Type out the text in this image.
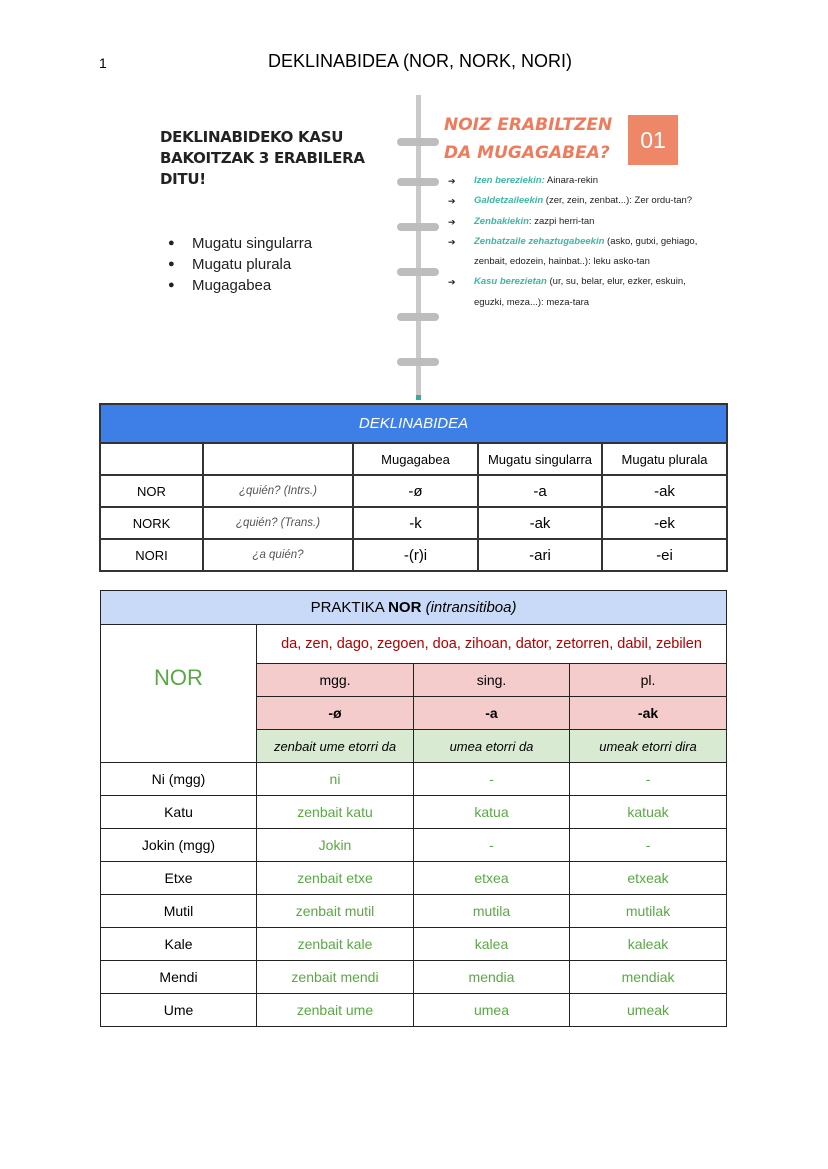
1	DEKLINABIDEA (NOR, NORK, NORI)
DEKLINABIDEKO KASU BAKOITZAK 3 ERABILERA DITU!
● Mugatu singularra
● Mugatu plurala
● Mugagabea
NOIZ ERABILTZEN DA MUGAGABEA?	01
➔ Izen bereziekin: Ainara-rekin
➔ Galdetzaileekin (zer, zein, zenbat...): Zer ordu-tan?
➔ Zenbakiekin: zazpi herri-tan
➔ Zenbatzaile zehaztugabeekin (asko, gutxi, gehiago, zenbait, edozein, hainbat..): leku asko-tan
➔ Kasu berezietan (ur, su, belar, elur, ezker, eskuin, eguzki, meza...): meza-tara
DEKLINABIDEA				
		Mugagabea	Mugatu singularra	Mugatu plurala
NOR	¿quién? (Intrs.)	-ø	-a	-ak
NORK	¿quién? (Trans.)	-k	-ak	-ek
NORI	¿a quién?	-(r)i	-ari	-ei
PRAKTIKA NOR (intransitiboa)			
NOR	da, zen, dago, zegoen, doa, zihoan, dator, zetorren, dabil, zebilen		
	mgg.	sing.	pl.
	-ø	-a	-ak
	zenbait ume etorri da	umea etorri da	umeak etorri dira
Ni (mgg)	ni	-	-
Katu	zenbait katu	katua	katuak
Jokin (mgg)	Jokin	-	-
Etxe	zenbait etxe	etxea	etxeak
Mutil	zenbait mutil	mutila	mutilak
Kale	zenbait kale	kalea	kaleak
Mendi	zenbait mendi	mendia	mendiak
Ume	zenbait ume	umea	umeak
